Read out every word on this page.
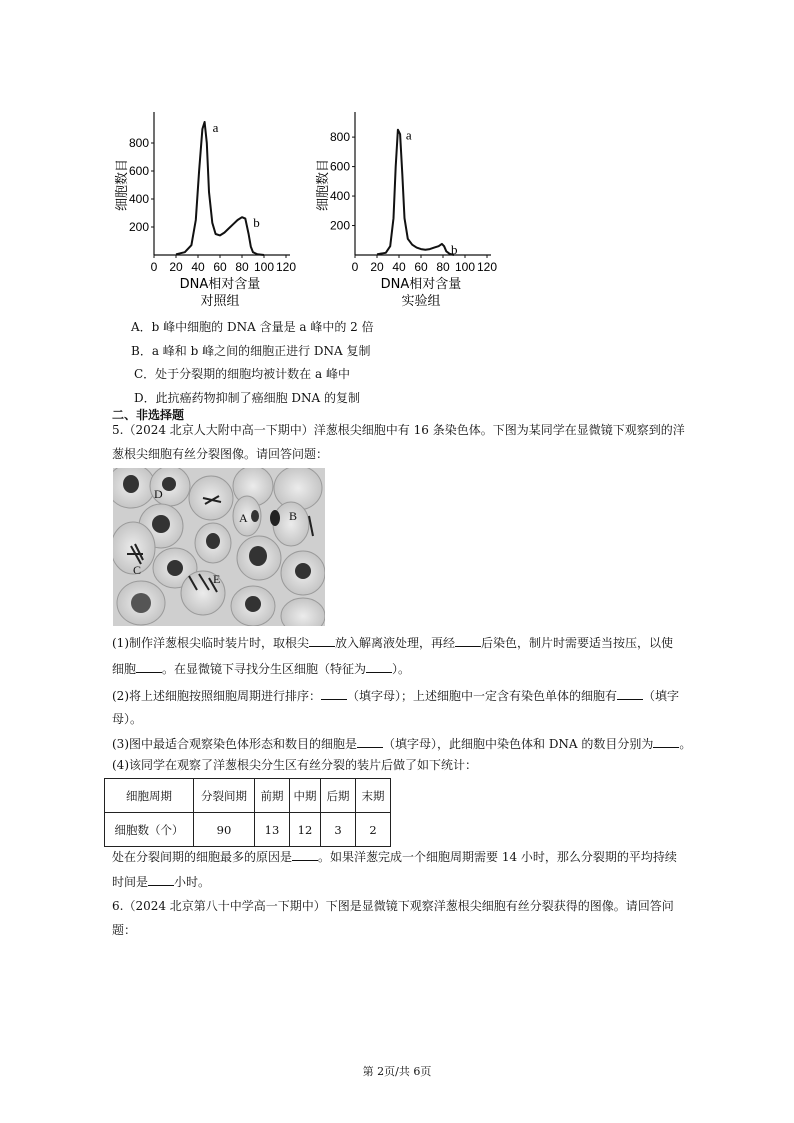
0 20 40 60 80 100 120
200
400
600
800
a
b
细胞数目
DNA相对含量
对照组
0 20 40 60 80 100 120
200
400
600
800	a
b
细胞数目
DNA相对含量
实验组
A．b 峰中细胞的 DNA 含量是 a 峰中的 2 倍
B．a 峰和 b 峰之间的细胞正进行 DNA 复制
C．处于分裂期的细胞均被计数在 a 峰中
D．此抗癌药物抑制了癌细胞 DNA 的复制
二、非选择题
5.（2024 北京人大附中高一下期中）洋葱根尖细胞中有 16 条染色体。下图为某同学在显微镜下观察到的洋
葱根尖细胞有丝分裂图像。请回答问题：
D
A	B
C
E
(1)制作洋葱根尖临时装片时，取根尖 放入解离液处理，再经 后染色，制片时需要适当按压，以使
细胞 。在显微镜下寻找分生区细胞（特征为 ）。
(2)将上述细胞按照细胞周期进行排序： （填字母）；上述细胞中一定含有染色单体的细胞有 （填字
母）。
(3)图中最适合观察染色体形态和数目的细胞是 （填字母），此细胞中染色体和 DNA 的数目分别为 。
(4)该同学在观察了洋葱根尖分生区有丝分裂的装片后做了如下统计：
细胞周期	分裂间期	前期	中期	后期	末期
细胞数（个）	90	13	12	3	2
处在分裂间期的细胞最多的原因是 。如果洋葱完成一个细胞周期需要 14 小时，那么分裂期的平均持续
时间是 小时。
6.（2024 北京第八十中学高一下期中）下图是显微镜下观察洋葱根尖细胞有丝分裂获得的图像。请回答问
题：
第 2页/共 6页
